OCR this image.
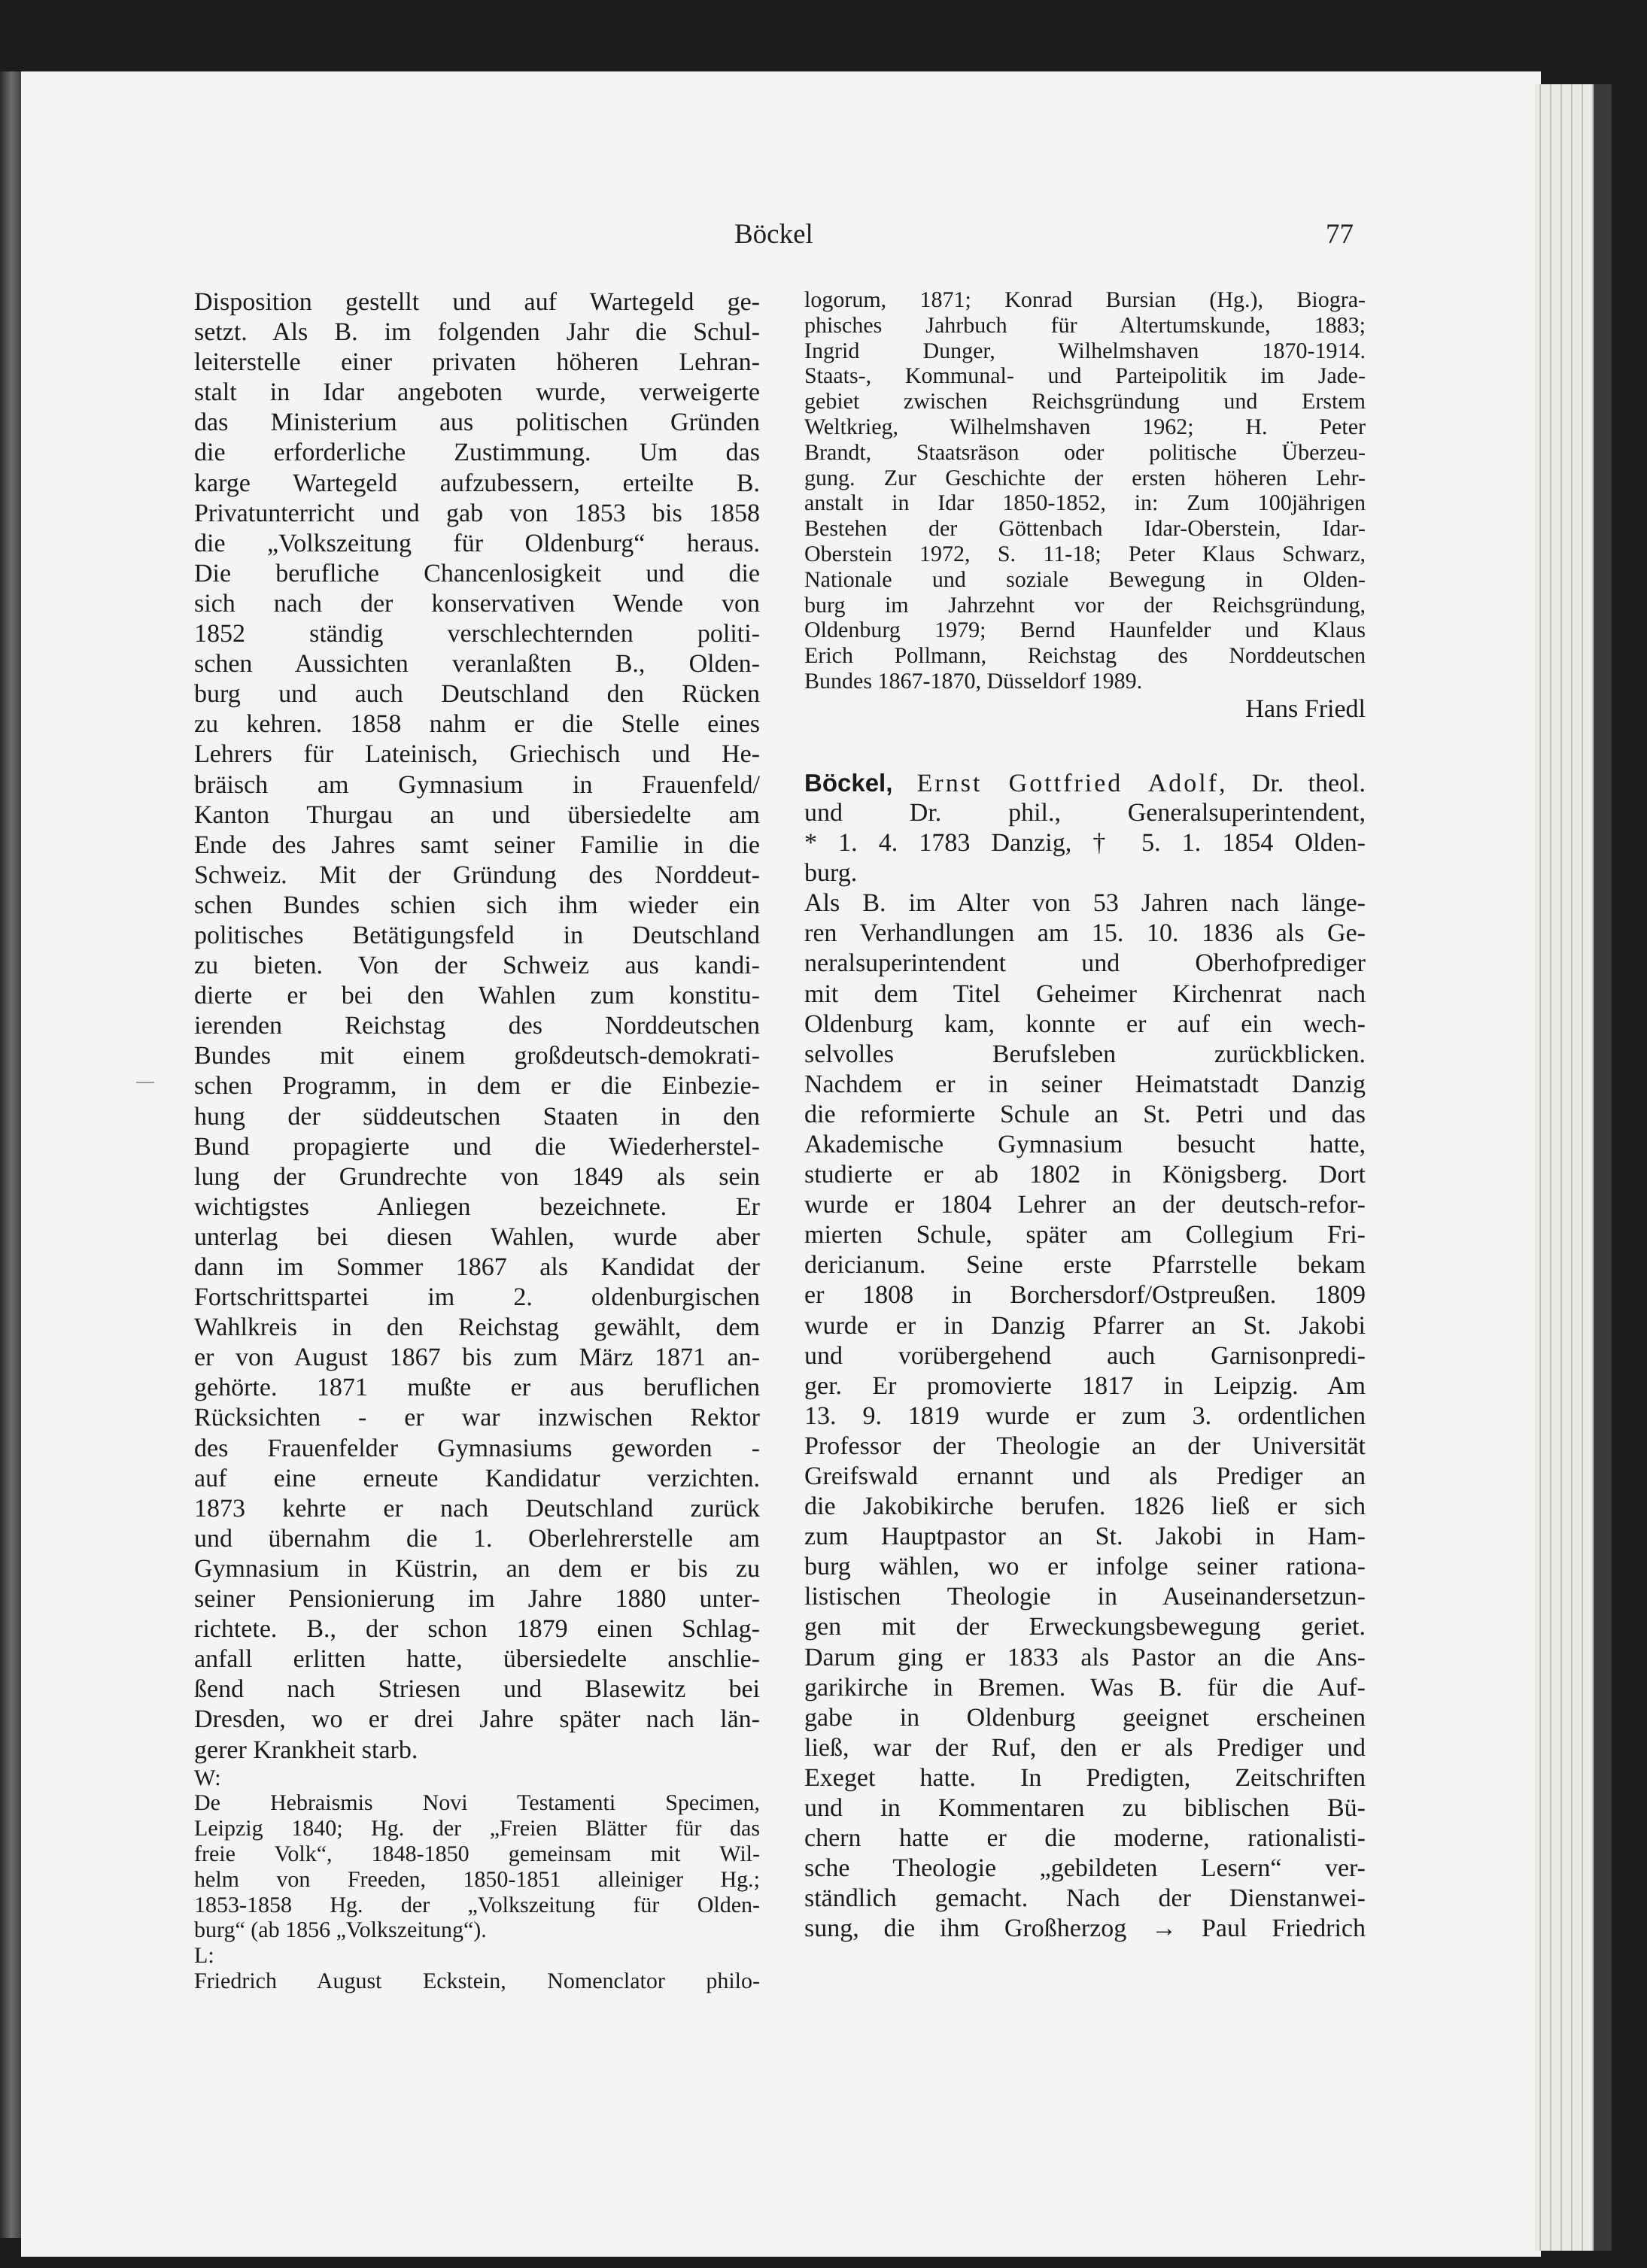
Böckel	77
Disposition gestellt und auf Wartegeld ge-
setzt. Als B. im folgenden Jahr die Schul-
leiterstelle einer privaten höheren Lehran-
stalt in Idar angeboten wurde, verweigerte
das Ministerium aus politischen Gründen
die erforderliche Zustimmung. Um das
karge Wartegeld aufzubessern, erteilte B.
Privatunterricht und gab von 1853 bis 1858
die „Volkszeitung für Oldenburg“ heraus.
Die berufliche Chancenlosigkeit und die
sich nach der konservativen Wende von
1852 ständig verschlechternden politi-
schen Aussichten veranlaßten B., Olden-
burg und auch Deutschland den Rücken
zu kehren. 1858 nahm er die Stelle eines
Lehrers für Lateinisch, Griechisch und He-
bräisch am Gymnasium in Frauenfeld/
Kanton Thurgau an und übersiedelte am
Ende des Jahres samt seiner Familie in die
Schweiz. Mit der Gründung des Norddeut-
schen Bundes schien sich ihm wieder ein
politisches Betätigungsfeld in Deutschland
zu bieten. Von der Schweiz aus kandi-
dierte er bei den Wahlen zum konstitu-
ierenden Reichstag des Norddeutschen
Bundes mit einem großdeutsch-demokrati-
schen Programm, in dem er die Einbezie-
hung der süddeutschen Staaten in den
Bund propagierte und die Wiederherstel-
lung der Grundrechte von 1849 als sein
wichtigstes Anliegen bezeichnete. Er
unterlag bei diesen Wahlen, wurde aber
dann im Sommer 1867 als Kandidat der
Fortschrittspartei im 2. oldenburgischen
Wahlkreis in den Reichstag gewählt, dem
er von August 1867 bis zum März 1871 an-
gehörte. 1871 mußte er aus beruflichen
Rücksichten - er war inzwischen Rektor
des Frauenfelder Gymnasiums geworden -
auf eine erneute Kandidatur verzichten.
1873 kehrte er nach Deutschland zurück
und übernahm die 1. Oberlehrerstelle am
Gymnasium in Küstrin, an dem er bis zu
seiner Pensionierung im Jahre 1880 unter-
richtete. B., der schon 1879 einen Schlag-
anfall erlitten hatte, übersiedelte anschlie-
ßend nach Striesen und Blasewitz bei
Dresden, wo er drei Jahre später nach län-
gerer Krankheit starb.
W:
De Hebraismis Novi Testamenti Specimen,
Leipzig 1840; Hg. der „Freien Blätter für das
freie Volk“, 1848-1850 gemeinsam mit Wil-
helm von Freeden, 1850-1851 alleiniger Hg.;
1853-1858 Hg. der „Volkszeitung für Olden-
burg“ (ab 1856 „Volkszeitung“).
L:
Friedrich August Eckstein, Nomenclator philo-
logorum, 1871; Konrad Bursian (Hg.), Biogra-
phisches Jahrbuch für Altertumskunde, 1883;
Ingrid Dunger, Wilhelmshaven 1870-1914.
Staats-, Kommunal- und Parteipolitik im Jade-
gebiet zwischen Reichsgründung und Erstem
Weltkrieg, Wilhelmshaven 1962; H. Peter
Brandt, Staatsräson oder politische Überzeu-
gung. Zur Geschichte der ersten höheren Lehr-
anstalt in Idar 1850-1852, in: Zum 100jährigen
Bestehen der Göttenbach Idar-Oberstein, Idar-
Oberstein 1972, S. 11-18; Peter Klaus Schwarz,
Nationale und soziale Bewegung in Olden-
burg im Jahrzehnt vor der Reichsgründung,
Oldenburg 1979; Bernd Haunfelder und Klaus
Erich Pollmann, Reichstag des Norddeutschen
Bundes 1867-1870, Düsseldorf 1989.
Hans Friedl
Böckel, Ernst Gottfried Adolf, Dr. theol.
und Dr. phil., Generalsuperintendent,
* 1. 4. 1783 Danzig, † 5. 1. 1854 Olden-
burg.
Als B. im Alter von 53 Jahren nach länge-
ren Verhandlungen am 15. 10. 1836 als Ge-
neralsuperintendent und Oberhofprediger
mit dem Titel Geheimer Kirchenrat nach
Oldenburg kam, konnte er auf ein wech-
selvolles Berufsleben zurückblicken.
Nachdem er in seiner Heimatstadt Danzig
die reformierte Schule an St. Petri und das
Akademische Gymnasium besucht hatte,
studierte er ab 1802 in Königsberg. Dort
wurde er 1804 Lehrer an der deutsch-refor-
mierten Schule, später am Collegium Fri-
dericianum. Seine erste Pfarrstelle bekam
er 1808 in Borchersdorf/Ostpreußen. 1809
wurde er in Danzig Pfarrer an St. Jakobi
und vorübergehend auch Garnisonpredi-
ger. Er promovierte 1817 in Leipzig. Am
13. 9. 1819 wurde er zum 3. ordentlichen
Professor der Theologie an der Universität
Greifswald ernannt und als Prediger an
die Jakobikirche berufen. 1826 ließ er sich
zum Hauptpastor an St. Jakobi in Ham-
burg wählen, wo er infolge seiner rationa-
listischen Theologie in Auseinandersetzun-
gen mit der Erweckungsbewegung geriet.
Darum ging er 1833 als Pastor an die Ans-
garikirche in Bremen. Was B. für die Auf-
gabe in Oldenburg geeignet erscheinen
ließ, war der Ruf, den er als Prediger und
Exeget hatte. In Predigten, Zeitschriften
und in Kommentaren zu biblischen Bü-
chern hatte er die moderne, rationalisti-
sche Theologie „gebildeten Lesern“ ver-
ständlich gemacht. Nach der Dienstanwei-
sung, die ihm Großherzog → Paul Friedrich
